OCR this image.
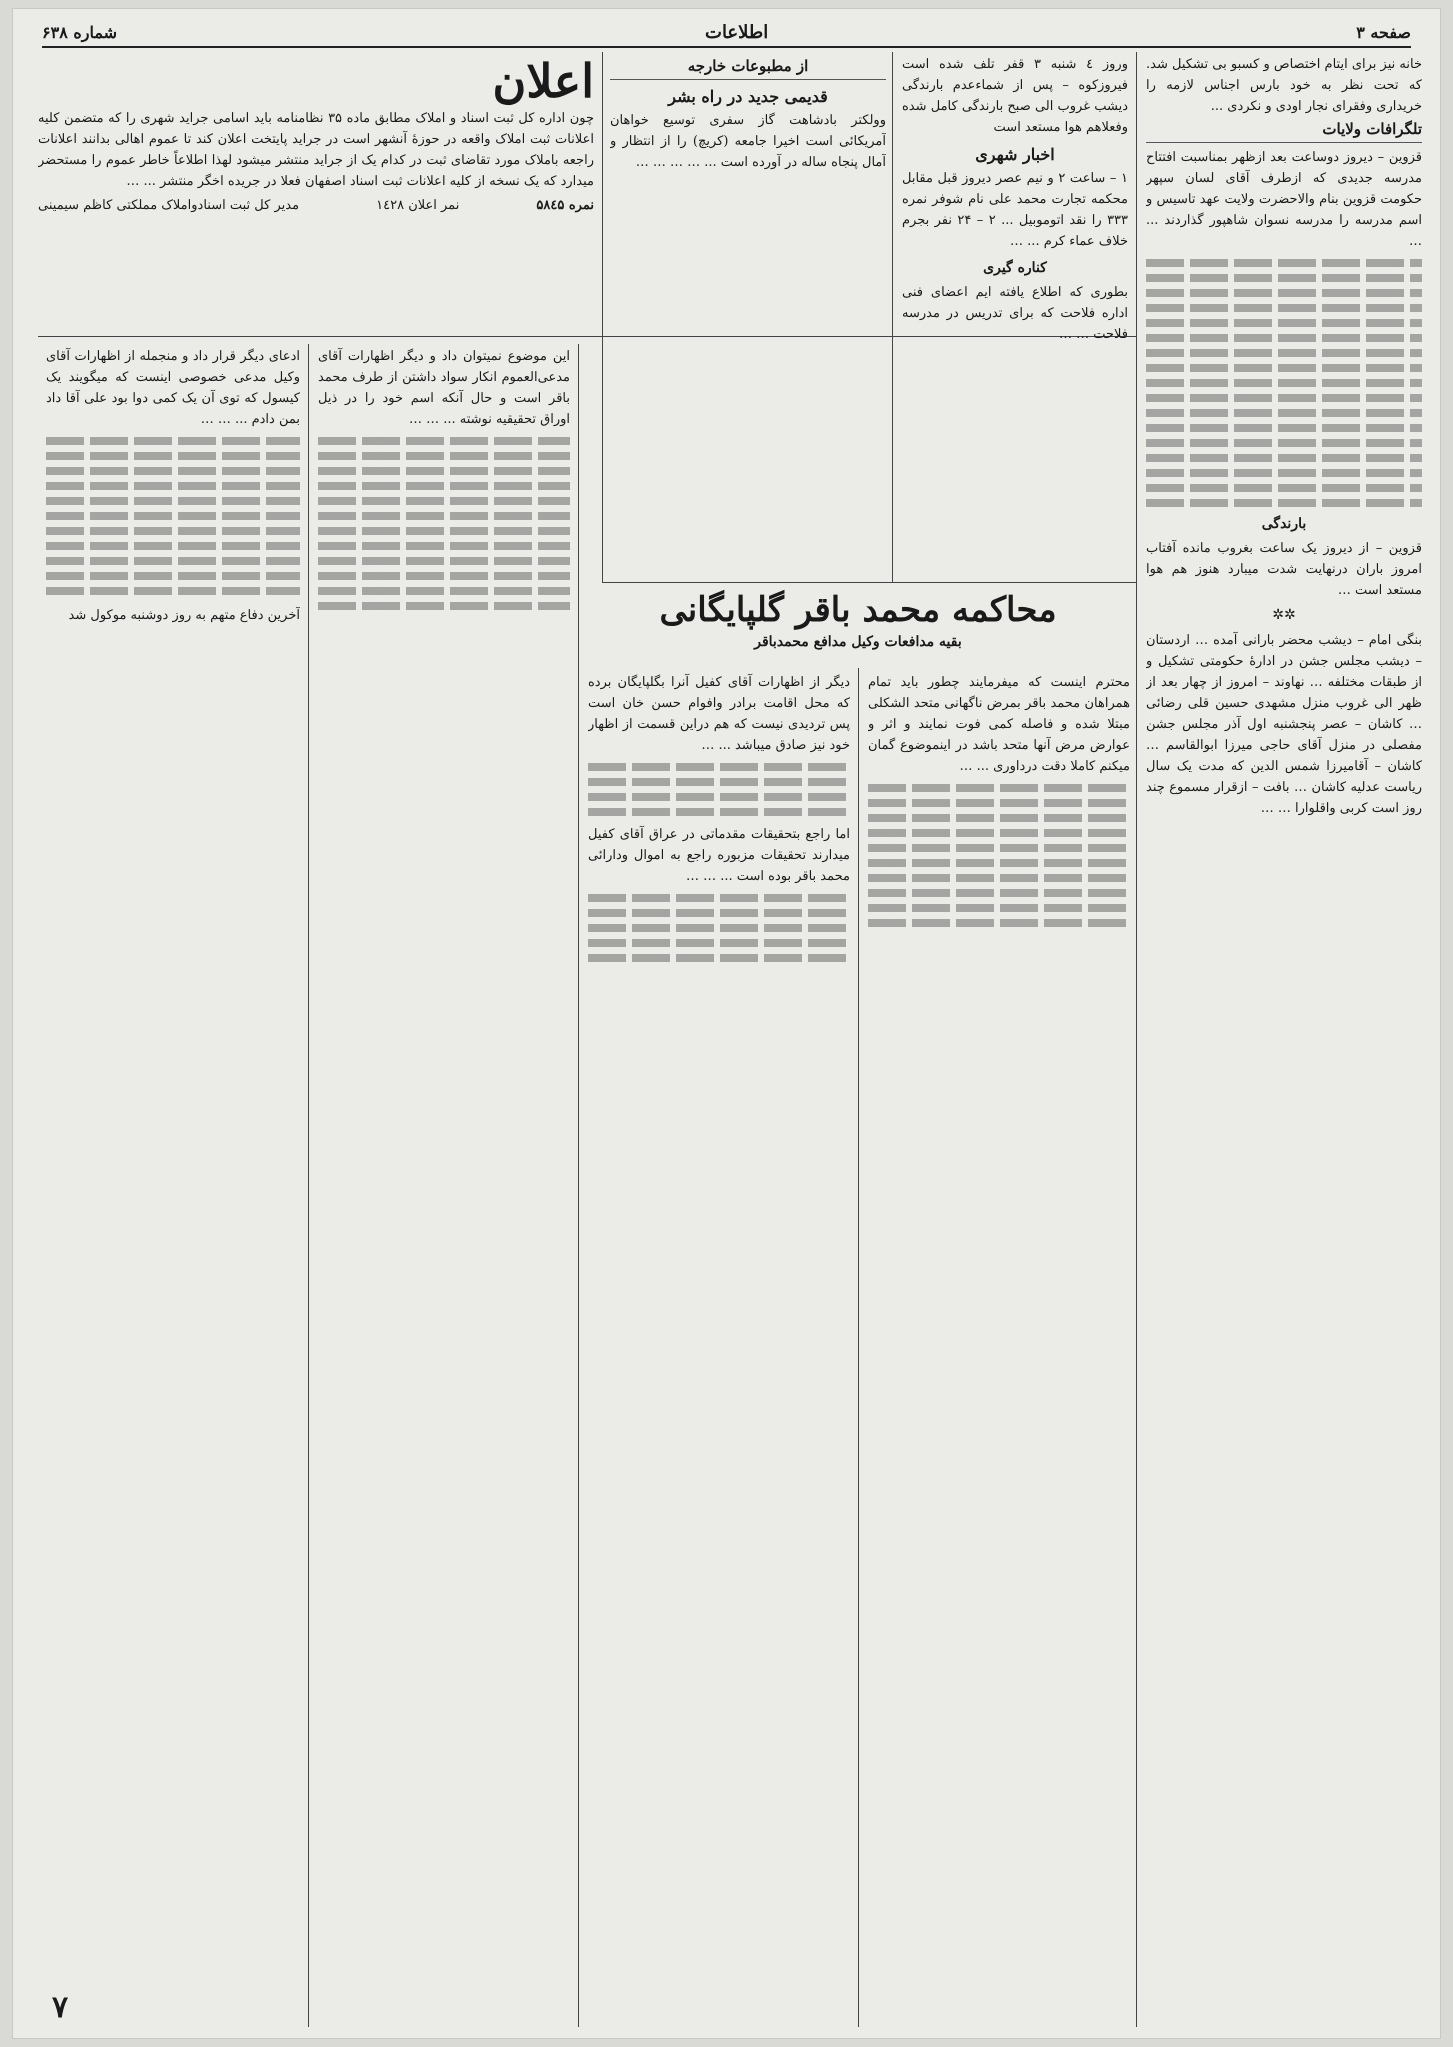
صفحه ۳
اطلاعات
شماره ۶۳۸
خانه نیز برای ایتام اختصاص و کسبو بی تشکیل شد. که تحت نظر به خود بارس اجناس لازمه را خریداری وفقرای نجار اودی و نکردی ...
تلگرافات ولایات
قزوین – دیروز دوساعت بعد ازظهر بمناسبت افتتاح مدرسه جدیدی که ازطرف آقای لسان سپهر حکومت قزوین بنام والاحضرت ولایت عهد تاسیس و اسم مدرسه را مدرسه نسوان شاهپور گذاردند ... …
بارندگی
قزوین – از دیروز یک ساعت بغروب مانده آفتاب امروز باران درنهایت شدت میبارد هنوز هم هوا مستعد است …
✲✲
بنگی امام – دیشب محضر بارانی آمده … اردستان – دیشب مجلس جشن در ادارۀ حکومتی تشکیل و از طبقات مختلفه … نهاوند – امروز از چهار بعد از ظهر الی غروب منزل مشهدی حسین قلی رضائی … کاشان – عصر پنجشنبه اول آذر مجلس جشن مفصلی در منزل آقای حاجی میرزا ابوالقاسم … کاشان – آقامیرزا شمس الدین که مدت یک سال ریاست عدلیه کاشان … بافت – ازقرار مسموع چند روز است کربی واقلوارا … …
وروز ٤ شنبه ۳ قفر تلف شده است فیروزکوه – پس از شماءعدم بارندگی دیشب غروب الی صبح بارندگی کامل شده وفعلاهم هوا مستعد است
اخبار شهری
۱ – ساعت ۲ و نیم عصر دیروز قبل مقابل محکمه تجارت محمد علی نام شوفر نمره ۳۳۳ را نقد اتوموبیل ... ۲ – ۲۴ نفر بجرم خلاف عماء کرم ... …
کناره گیری
بطوری که اطلاع یافته ایم اعضای فنی اداره فلاحت که برای تدریس در مدرسه فلاحت … …
از مطبوعات خارجه
قدیمی جدید در راه بشر
وولکتر بادشاهت گاز سفری توسیع خواهان آمریکائی است اخیرا جامعه (کریچ) را از انتظار و آمال پنجاه ساله در آورده است ... … … … …
اعلان
چون اداره کل ثبت اسناد و املاک مطابق ماده ۳۵ نظامنامه باید اسامی جراید شهری را که متضمن کلیه اعلانات ثبت املاک واقعه در حوزۀ آنشهر است در جراید پایتخت اعلان کند تا عموم اهالی بدانند اعلانات راجعه باملاک مورد تقاضای ثبت در کدام یک از جراید منتشر میشود لهذا اطلاعاً خاطر عموم را مستحضر میدارد که یک نسخه از کلیه اعلانات ثبت اسناد اصفهان فعلا در جریده اخگر منتشر ... …
نمره ۵۸٤۵
نمر اعلان ۱٤۲۸
مدیر کل ثبت اسنادواملاک مملکتی کاظم سیمینی
محاکمه محمد باقر گلپایگانی
بقیه مدافعات وکیل مدافع محمدباقر
محترم اینست که میفرمایند چطور باید تمام همراهان محمد باقر بمرض ناگهانی متحد الشکلی مبتلا شده و فاصله کمی فوت نمایند و اثر و عوارض مرض آنها متحد باشد در اینموضوع گمان میکنم کاملا دقت درداوری ... …
دیگر از اظهارات آقای کفیل آنرا بگلپایگان برده که محل اقامت برادر وافوام حسن خان است پس تردیدی نیست که هم دراین قسمت از اظهار خود نیز صادق میباشد ... …
اما راجع بتحقیقات مقدماتی در عراق آقای کفیل میدارند تحقیقات مزبوره راجع به اموال ودارائی محمد باقر بوده است ... … …
این موضوع نمیتوان داد و دیگر اظهارات آقای مدعی‌العموم انکار سواد داشتن از طرف محمد باقر است و حال آنکه اسم خود را در ذیل اوراق تحقیقیه نوشته ... … …
ادعای دیگر قرار داد و منجمله از اظهارات آقای وکیل مدعی خصوصی اینست که میگویند یک کیسول که توی آن یک کمی دوا بود علی آقا داد بمن دادم ... … …
آخرین دفاع متهم به روز دوشنبه موکول شد
۷
